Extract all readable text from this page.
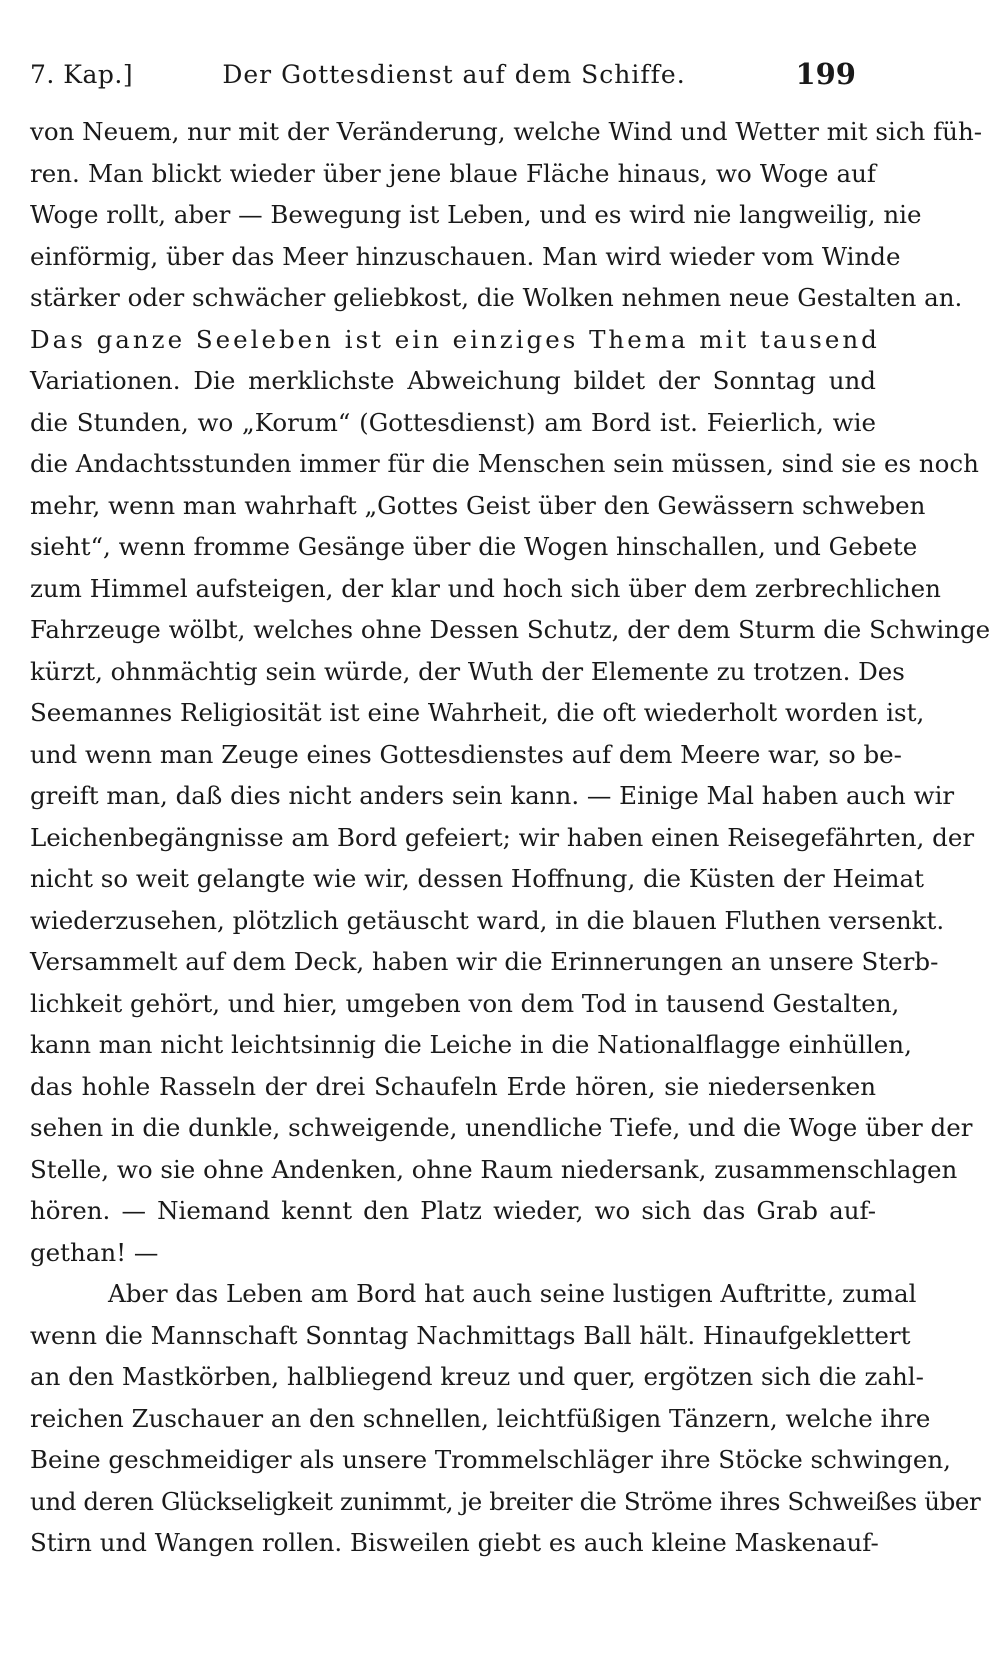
7. Kap.]	Der Gottesdienst auf dem Schiffe.	199
von Neuem, nur mit der Veränderung, welche Wind und Wetter mit sich füh-
ren. Man blickt wieder über jene blaue Fläche hinaus, wo Woge auf
Woge rollt, aber — Bewegung ist Leben, und es wird nie langweilig, nie
einförmig, über das Meer hinzuschauen. Man wird wieder vom Winde
stärker oder schwächer geliebkost, die Wolken nehmen neue Gestalten an.
Das ganze Seeleben ist ein einziges Thema mit tausend
Variationen. Die merklichste Abweichung bildet der Sonntag und
die Stunden, wo „Korum“ (Gottesdienst) am Bord ist. Feierlich, wie
die Andachtsstunden immer für die Menschen sein müssen, sind sie es noch
mehr, wenn man wahrhaft „Gottes Geist über den Gewässern schweben
sieht“, wenn fromme Gesänge über die Wogen hinschallen, und Gebete
zum Himmel aufsteigen, der klar und hoch sich über dem zerbrechlichen
Fahrzeuge wölbt, welches ohne Dessen Schutz, der dem Sturm die Schwinge
kürzt, ohnmächtig sein würde, der Wuth der Elemente zu trotzen. Des
Seemannes Religiosität ist eine Wahrheit, die oft wiederholt worden ist,
und wenn man Zeuge eines Gottesdienstes auf dem Meere war, so be-
greift man, daß dies nicht anders sein kann. — Einige Mal haben auch wir
Leichenbegängnisse am Bord gefeiert; wir haben einen Reisegefährten, der
nicht so weit gelangte wie wir, dessen Hoffnung, die Küsten der Heimat
wiederzusehen, plötzlich getäuscht ward, in die blauen Fluthen versenkt.
Versammelt auf dem Deck, haben wir die Erinnerungen an unsere Sterb-
lichkeit gehört, und hier, umgeben von dem Tod in tausend Gestalten,
kann man nicht leichtsinnig die Leiche in die Nationalflagge einhüllen,
das hohle Rasseln der drei Schaufeln Erde hören, sie niedersenken
sehen in die dunkle, schweigende, unendliche Tiefe, und die Woge über der
Stelle, wo sie ohne Andenken, ohne Raum niedersank, zusammenschlagen
hören. — Niemand kennt den Platz wieder, wo sich das Grab auf-
gethan! —
Aber das Leben am Bord hat auch seine lustigen Auftritte, zumal
wenn die Mannschaft Sonntag Nachmittags Ball hält. Hinaufgeklettert
an den Mastkörben, halbliegend kreuz und quer, ergötzen sich die zahl-
reichen Zuschauer an den schnellen, leichtfüßigen Tänzern, welche ihre
Beine geschmeidiger als unsere Trommelschläger ihre Stöcke schwingen,
und deren Glückseligkeit zunimmt, je breiter die Ströme ihres Schweißes über
Stirn und Wangen rollen. Bisweilen giebt es auch kleine Maskenauf-
